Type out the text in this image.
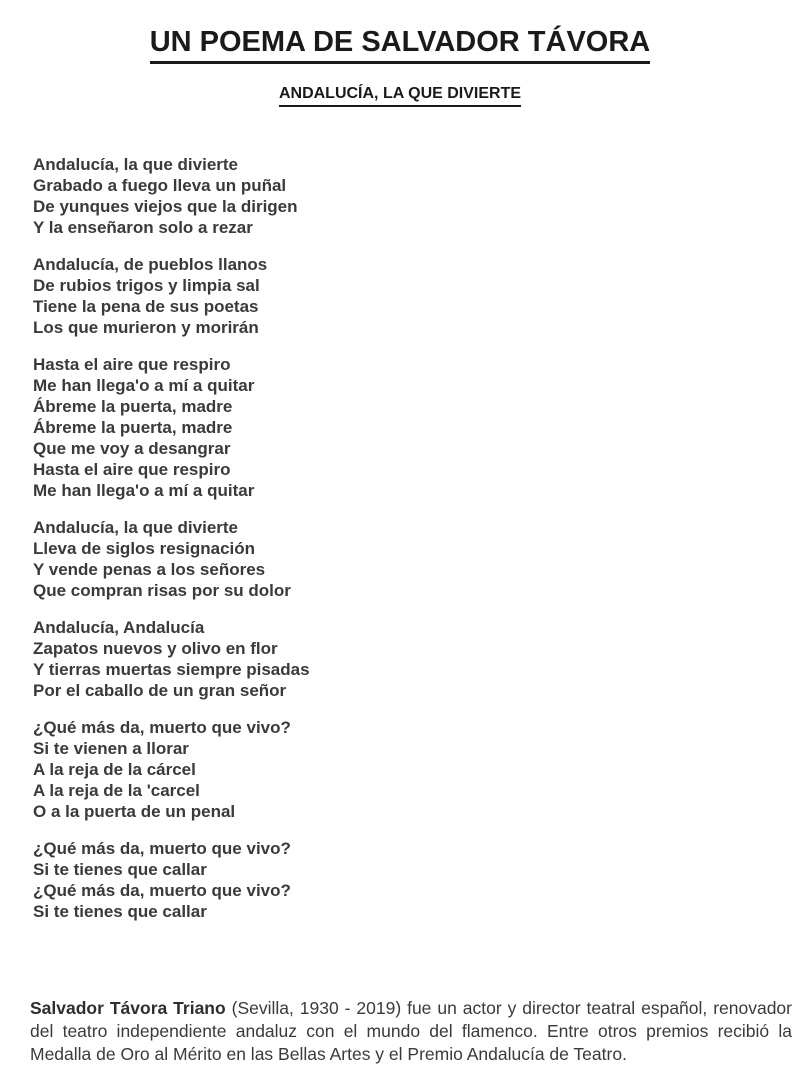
UN POEMA DE SALVADOR TÁVORA
ANDALUCÍA, LA QUE DIVIERTE
Andalucía, la que divierte
Grabado a fuego lleva un puñal
De yunques viejos que la dirigen
Y la enseñaron solo a rezar
Andalucía, de pueblos llanos
De rubios trigos y limpia sal
Tiene la pena de sus poetas
Los que murieron y morirán
Hasta el aire que respiro
Me han llega'o a mí a quitar
Ábreme la puerta, madre
Ábreme la puerta, madre
Que me voy a desangrar
Hasta el aire que respiro
Me han llega'o a mí a quitar
Andalucía, la que divierte
Lleva de siglos resignación
Y vende penas a los señores
Que compran risas por su dolor
Andalucía, Andalucía
Zapatos nuevos y olivo en flor
Y tierras muertas siempre pisadas
Por el caballo de un gran señor
¿Qué más da, muerto que vivo?
Si te vienen a llorar
A la reja de la cárcel
A la reja de la 'carcel
O a la puerta de un penal
¿Qué más da, muerto que vivo?
Si te tienes que callar
¿Qué más da, muerto que vivo?
Si te tienes que callar

Salvador Távora Triano (Sevilla, 1930 - 2019) fue un actor y director teatral español, renovador del teatro independiente andaluz con el mundo del flamenco. Entre otros premios recibió la Medalla de Oro al Mérito en las Bellas Artes y el Premio Andalucía de Teatro.
